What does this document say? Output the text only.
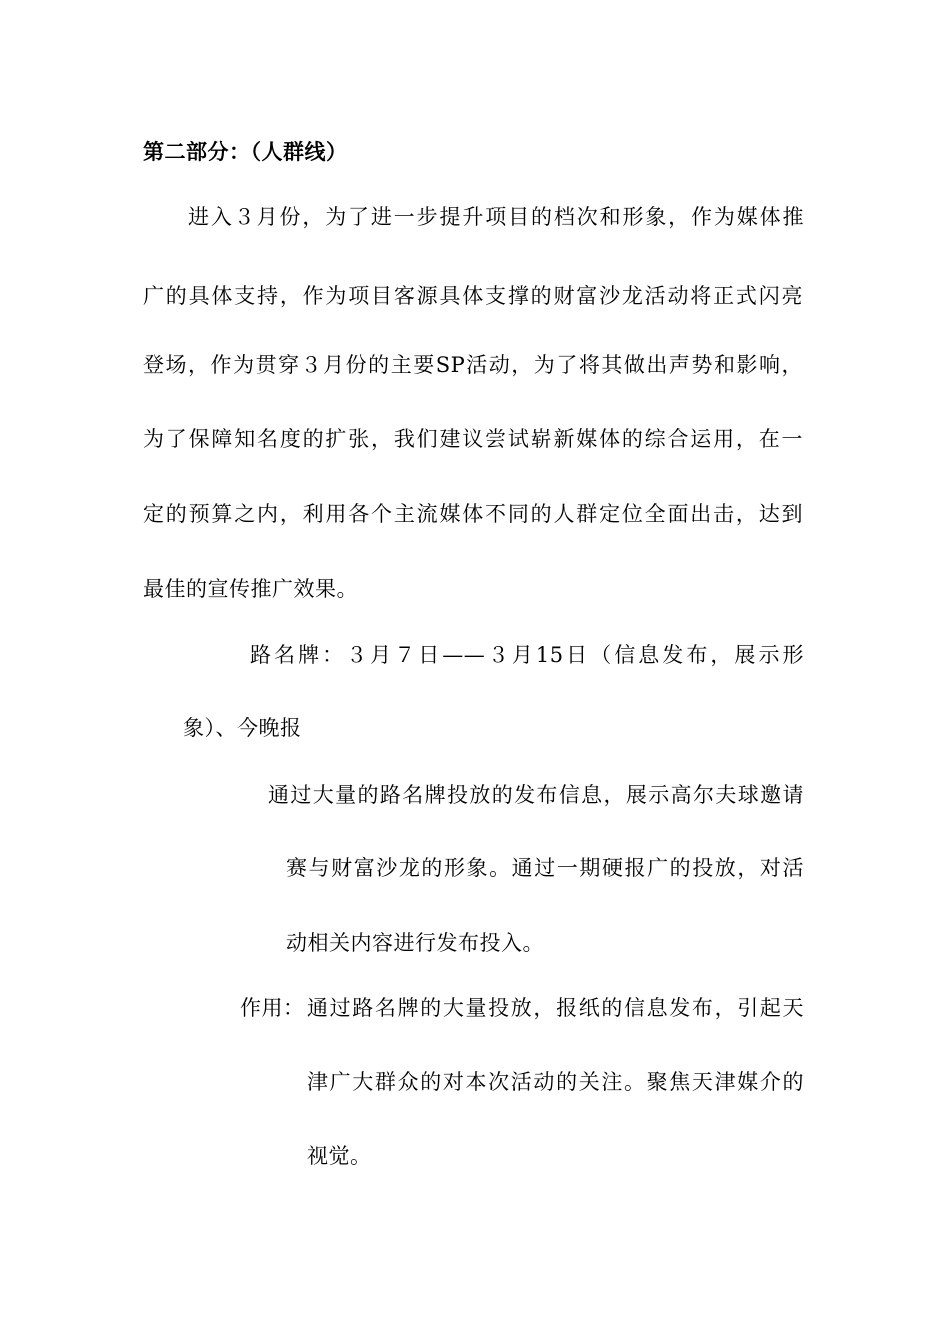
第二部分：（人群线）
进入３月份，为了进一步提升项目的档次和形象，作为媒体推
广的具体支持，作为项目客源具体支撑的财富沙龙活动将正式闪亮
登场，作为贯穿３月份的主要SP活动，为了将其做出声势和影响，
为了保障知名度的扩张，我们建议尝试崭新媒体的综合运用，在一
定的预算之内，利用各个主流媒体不同的人群定位全面出击，达到
最佳的宣传推广效果。
路名牌：３月７日——３月15日（信息发布，展示形
象）、今晚报
通过大量的路名牌投放的发布信息，展示高尔夫球邀请
赛与财富沙龙的形象。通过一期硬报广的投放，对活
动相关内容进行发布投入。
作用： 通过路名牌的大量投放，报纸的信息发布，引起天
津广大群众的对本次活动的关注。聚焦天津媒介的
视觉。
